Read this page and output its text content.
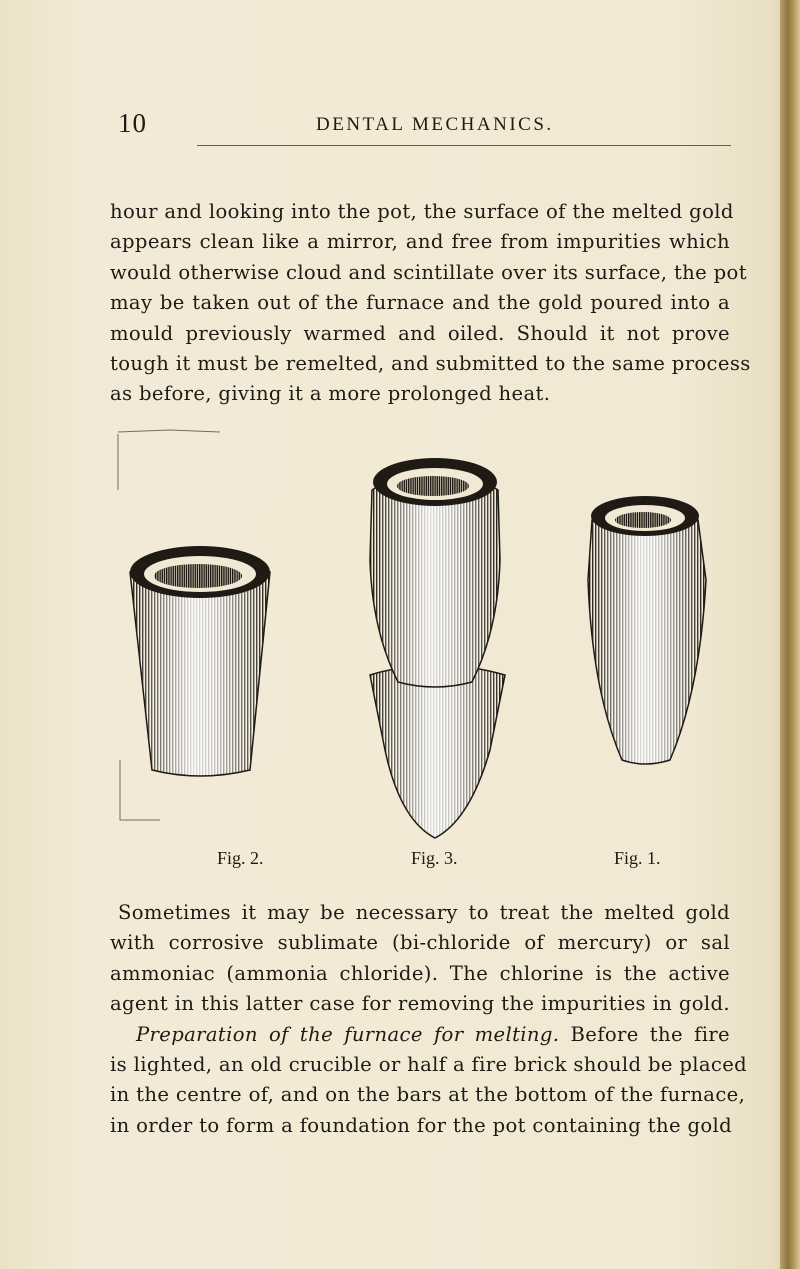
10	DENTAL MECHANICS.
hour and looking into the pot, the surface of the melted gold
appears clean like a mirror, and free from impurities which
would otherwise cloud and scintillate over its surface, the pot
may be taken out of the furnace and the gold poured into a
mould previously warmed and oiled. Should it not prove
tough it must be remelted, and submitted to the same process
as before, giving it a more prolonged heat.
Fig. 2.	Fig. 3.	Fig. 1.
Sometimes it may be necessary to treat the melted gold
with corrosive sublimate (bi-chloride of mercury) or sal
ammoniac (ammonia chloride). The chlorine is the active
agent in this latter case for removing the impurities in gold.
Preparation of the furnace for melting. Before the fire
is lighted, an old crucible or half a fire brick should be placed
in the centre of, and on the bars at the bottom of the furnace,
in order to form a foundation for the pot containing the gold
